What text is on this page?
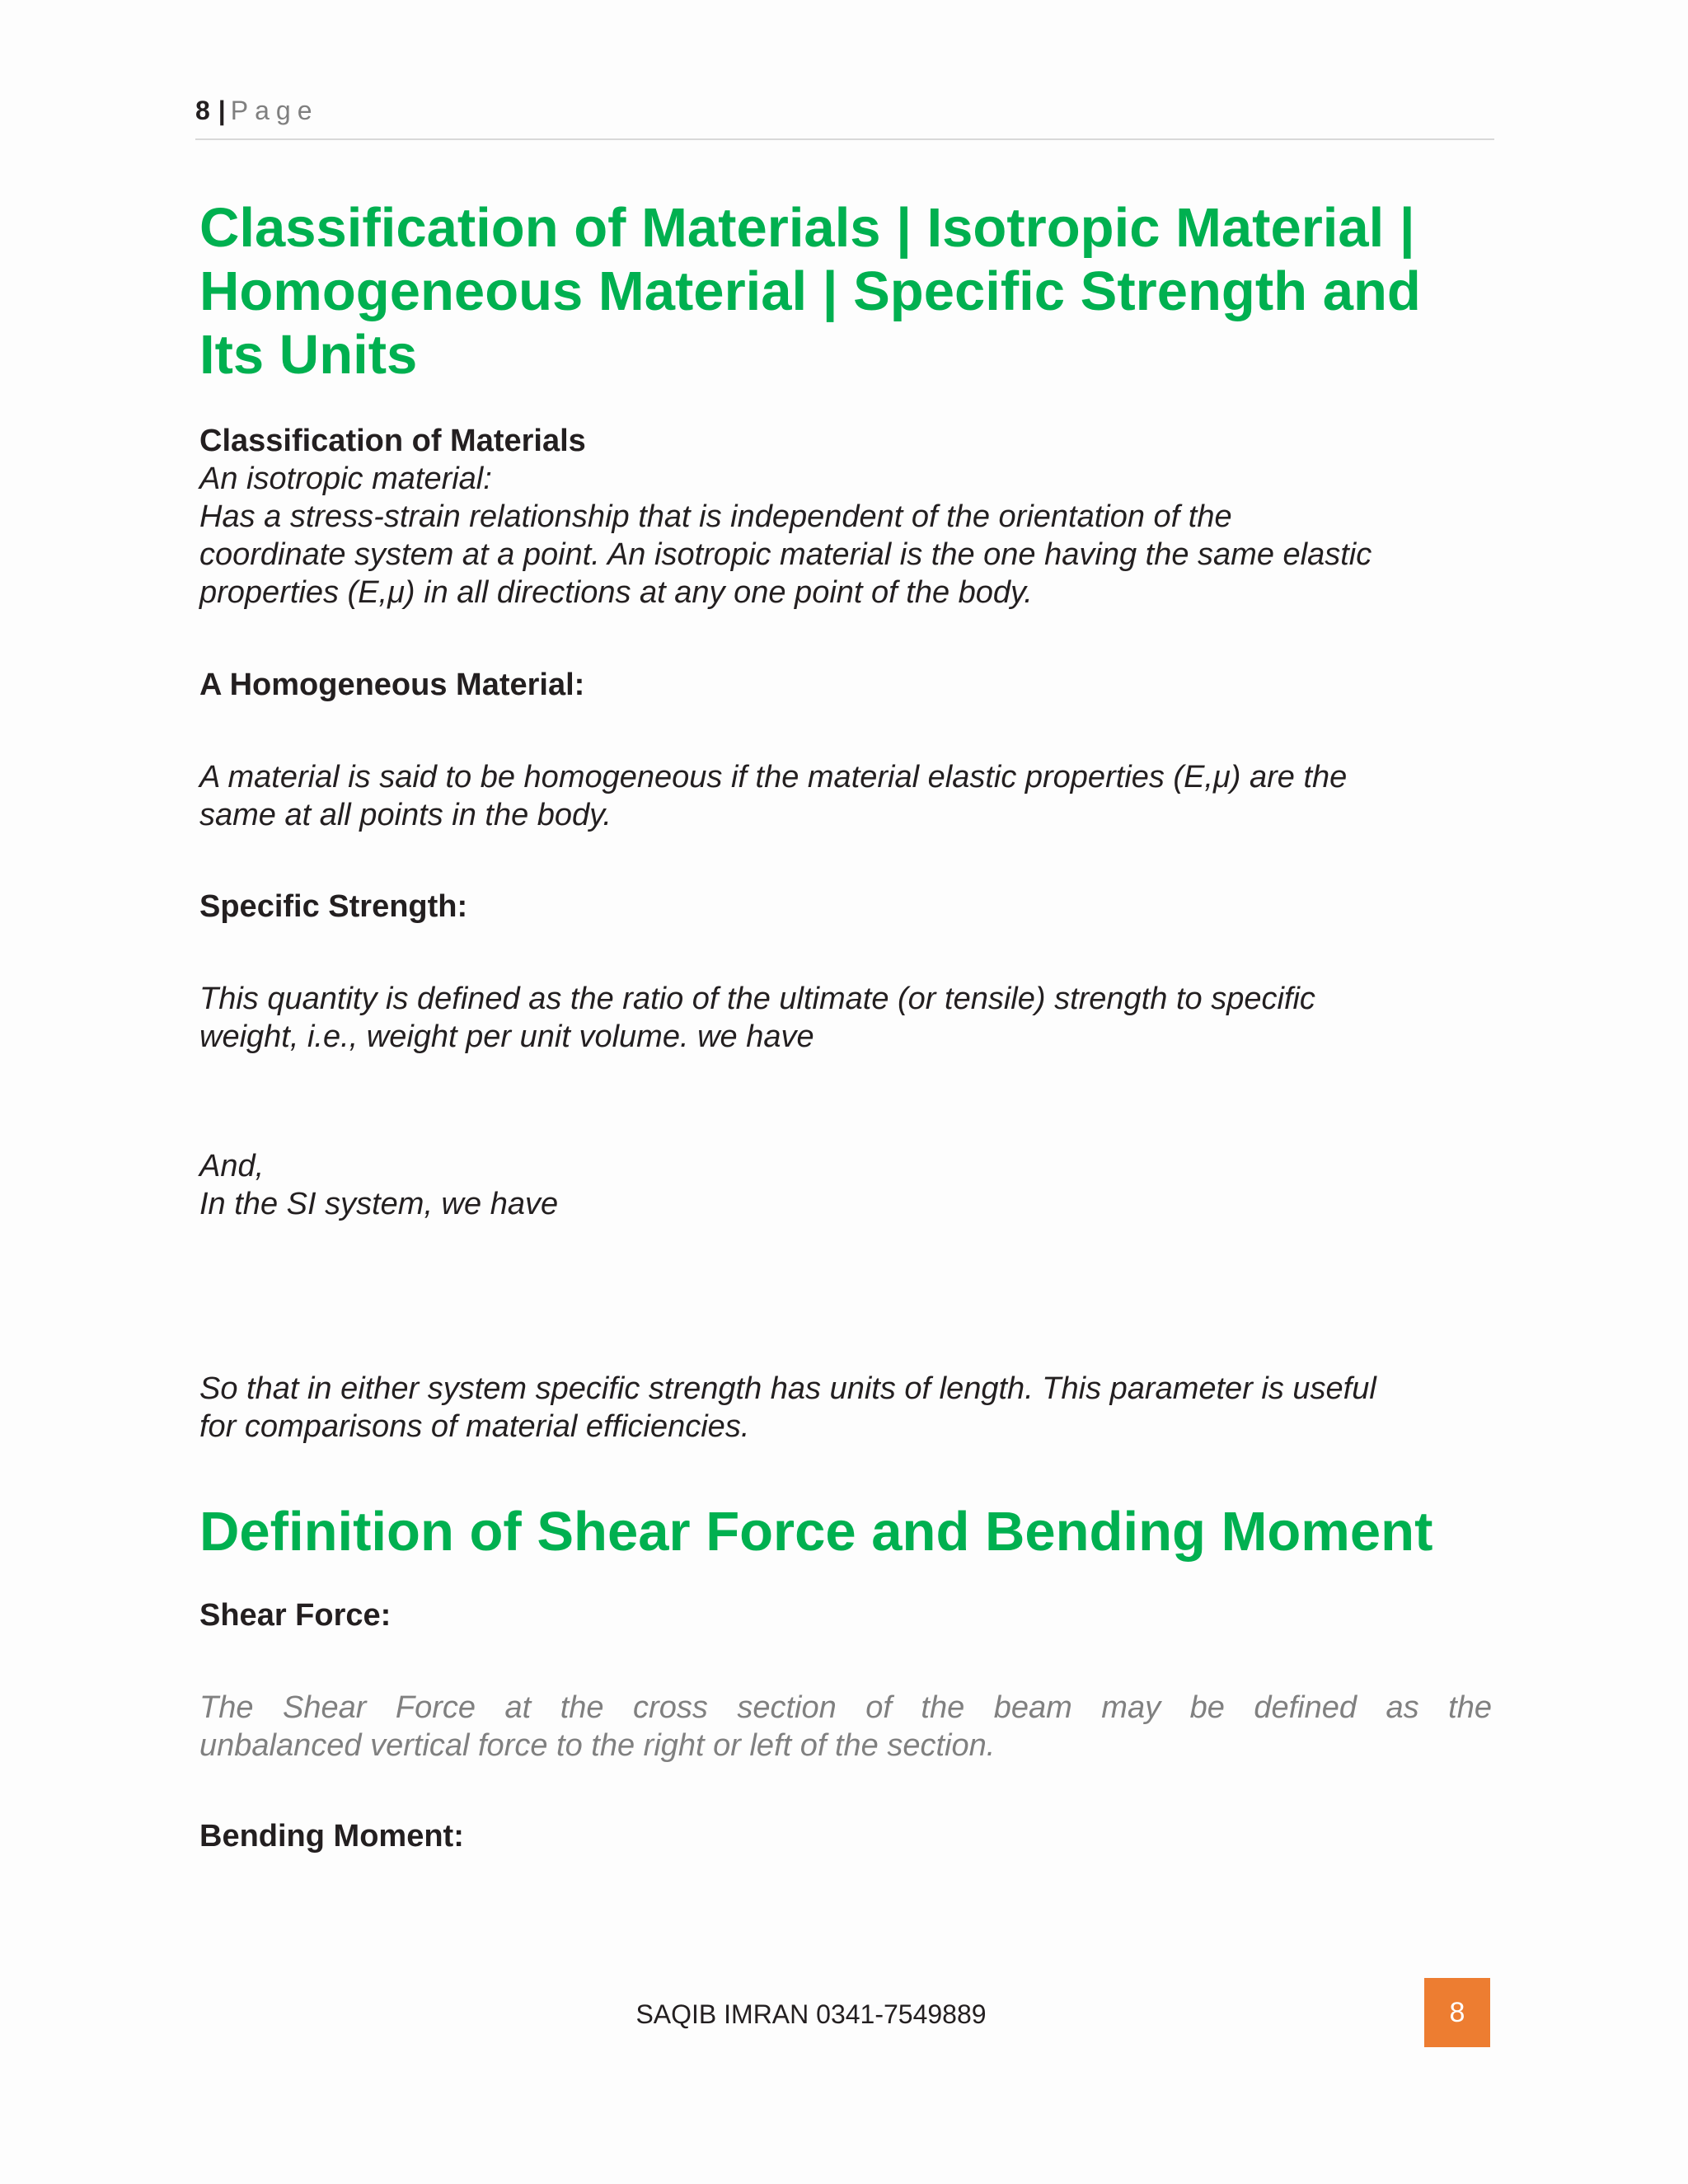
8 | Page
Classification of Materials | Isotropic Material |
Homogeneous Material | Specific Strength and
Its Units
Classification of Materials
An isotropic material:
Has a stress-strain relationship that is independent of the orientation of the
coordinate system at a point. An isotropic material is the one having the same elastic
properties (E,μ) in all directions at any one point of the body.
A Homogeneous Material:
A material is said to be homogeneous if the material elastic properties (E,μ) are the
same at all points in the body.
Specific Strength:
This quantity is defined as the ratio of the ultimate (or tensile) strength to specific
weight, i.e., weight per unit volume. we have
And,
In the SI system, we have
So that in either system specific strength has units of length. This parameter is useful
for comparisons of material efficiencies.
Definition of Shear Force and Bending Moment
Shear Force:
The Shear Force at the cross section of the beam may be defined as the
unbalanced vertical force to the right or left of the section.
Bending Moment:
SAQIB IMRAN 0341-7549889	8
